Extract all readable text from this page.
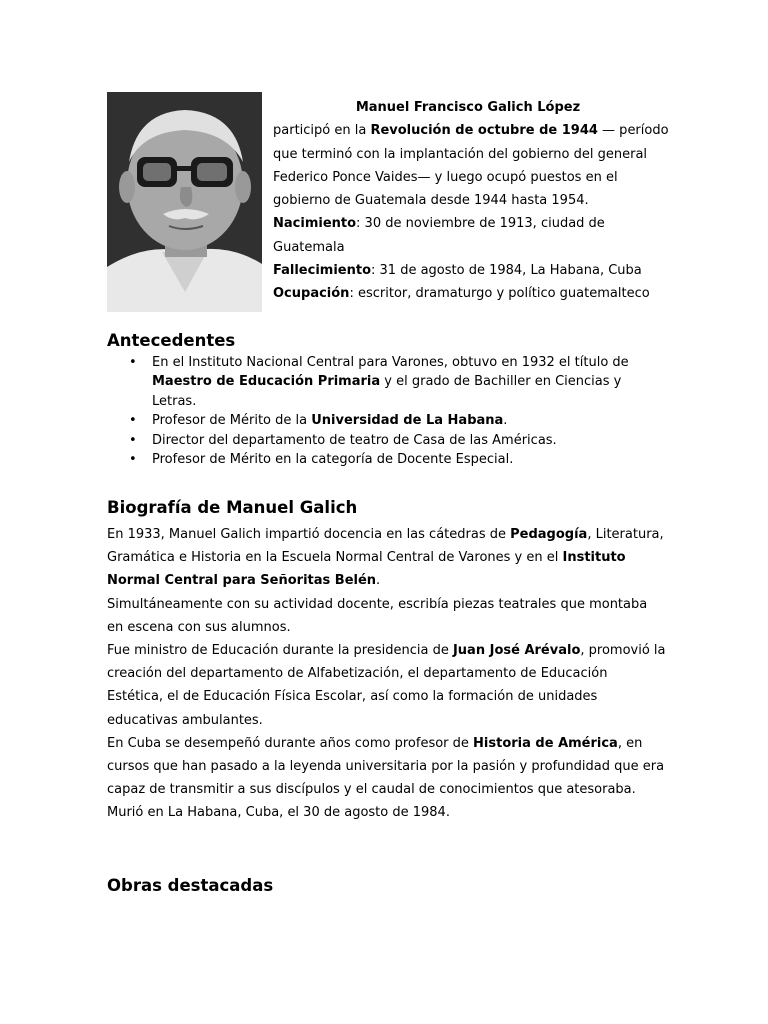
Manuel Francisco Galich López

participó en la Revolución de octubre de 1944 — período que terminó con la implantación del gobierno del general Federico Ponce Vaides— y luego ocupó puestos en el gobierno de Guatemala desde 1944 hasta 1954.

Nacimiento: 30 de noviembre de 1913, ciudad de Guatemala

Fallecimiento: 31 de agosto de 1984, La Habana, Cuba

Ocupación: escritor, dramaturgo y político guatemalteco

Antecedentes
• En el Instituto Nacional Central para Varones, obtuvo en 1932 el título de Maestro de Educación Primaria y el grado de Bachiller en Ciencias y Letras.
• Profesor de Mérito de la Universidad de La Habana.
• Director del departamento de teatro de Casa de las Américas.
• Profesor de Mérito en la categoría de Docente Especial.
Biografía de Manuel Galich

En 1933, Manuel Galich impartió docencia en las cátedras de Pedagogía, Literatura, Gramática e Historia en la Escuela Normal Central de Varones y en el Instituto Normal Central para Señoritas Belén.

Simultáneamente con su actividad docente, escribía piezas teatrales que montaba en escena con sus alumnos.

Fue ministro de Educación durante la presidencia de Juan José Arévalo, promovió la creación del departamento de Alfabetización, el departamento de Educación Estética, el de Educación Física Escolar, así como la formación de unidades educativas ambulantes.

En Cuba se desempeñó durante años como profesor de Historia de América, en cursos que han pasado a la leyenda universitaria por la pasión y profundidad que era capaz de transmitir a sus discípulos y el caudal de conocimientos que atesoraba.

Murió en La Habana, Cuba, el 30 de agosto de 1984.

Obras destacadas
